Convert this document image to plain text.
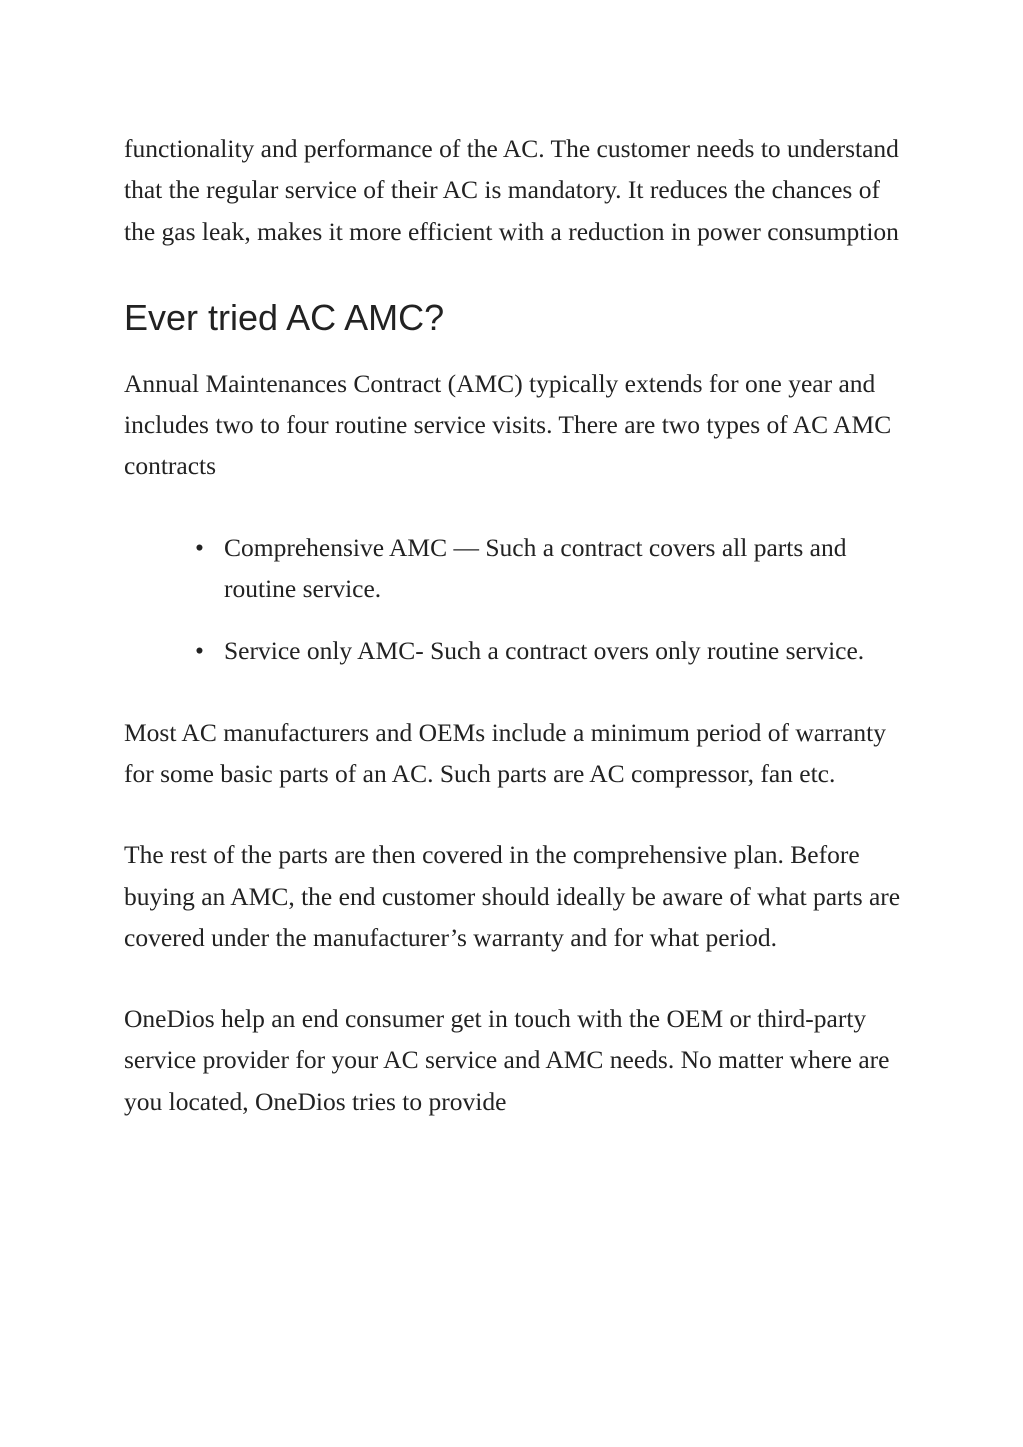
functionality and performance of the AC. The customer needs to understand that the regular service of their AC is mandatory. It reduces the chances of the gas leak, makes it more efficient with a reduction in power consumption

Ever tried AC AMC?

Annual Maintenances Contract (AMC) typically extends for one year and includes two to four routine service visits. There are two types of AC AMC contracts

• Comprehensive AMC — Such a contract covers all parts and routine service.
• Service only AMC- Such a contract overs only routine service.

Most AC manufacturers and OEMs include a minimum period of warranty for some basic parts of an AC. Such parts are AC compressor, fan etc.

The rest of the parts are then covered in the comprehensive plan. Before buying an AMC, the end customer should ideally be aware of what parts are covered under the manufacturer’s warranty and for what period.

OneDios help an end consumer get in touch with the OEM or third-party service provider for your AC service and AMC needs. No matter where are you located, OneDios tries to provide
